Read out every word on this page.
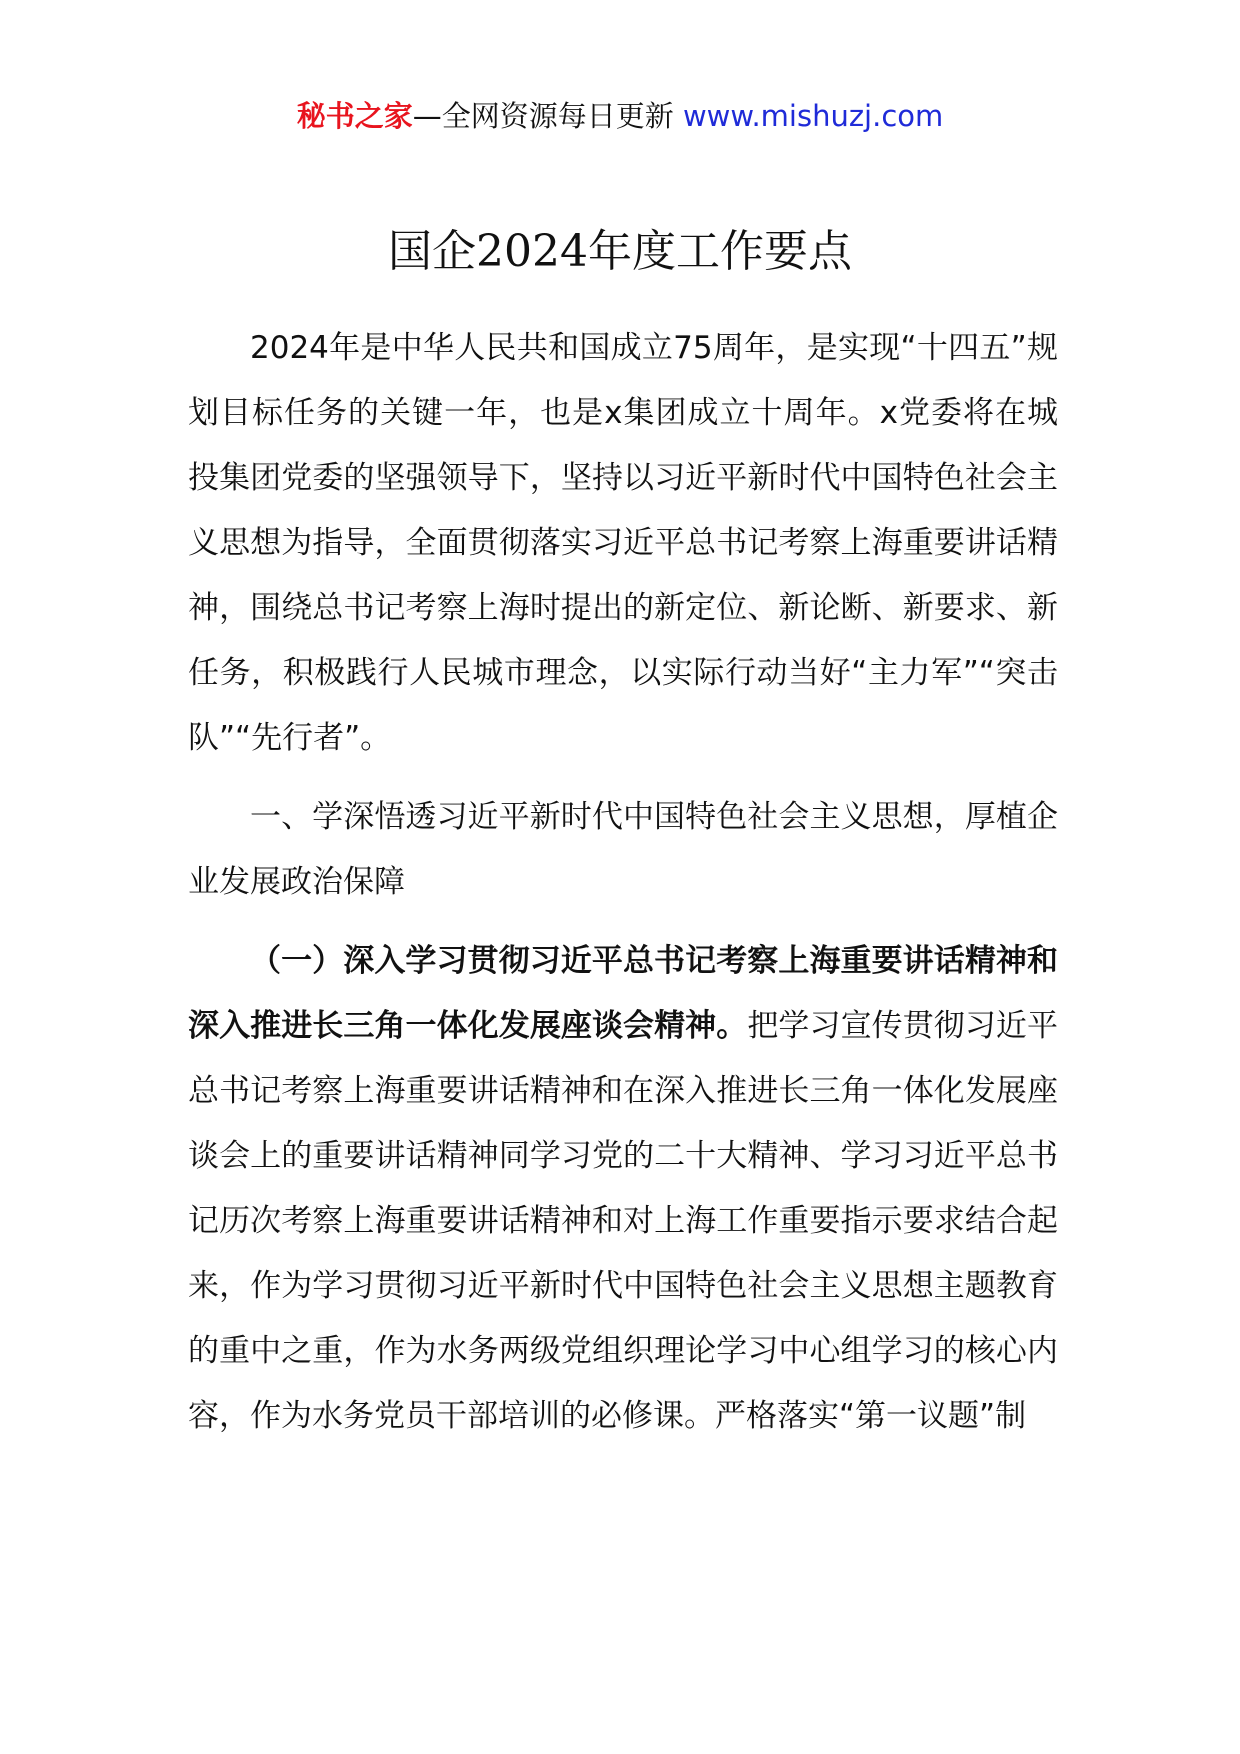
秘书之家—全网资源每日更新 www.mishuzj.com
国企2024年度工作要点

2024年是中华人民共和国成立75周年，是实现“十四五”规划目标任务的关键一年，也是x集团成立十周年。x党委将在城投集团党委的坚强领导下，坚持以习近平新时代中国特色社会主义思想为指导，全面贯彻落实习近平总书记考察上海重要讲话精神，围绕总书记考察上海时提出的新定位、新论断、新要求、新任务，积极践行人民城市理念，以实际行动当好“主力军”“突击队”“先行者”。

一、学深悟透习近平新时代中国特色社会主义思想，厚植企业发展政治保障

（一）深入学习贯彻习近平总书记考察上海重要讲话精神和深入推进长三角一体化发展座谈会精神。把学习宣传贯彻习近平总书记考察上海重要讲话精神和在深入推进长三角一体化发展座谈会上的重要讲话精神同学习党的二十大精神、学习习近平总书记历次考察上海重要讲话精神和对上海工作重要指示要求结合起来，作为学习贯彻习近平新时代中国特色社会主义思想主题教育的重中之重，作为水务两级党组织理论学习中心组学习的核心内容，作为水务党员干部培训的必修课。严格落实“第一议题”制
